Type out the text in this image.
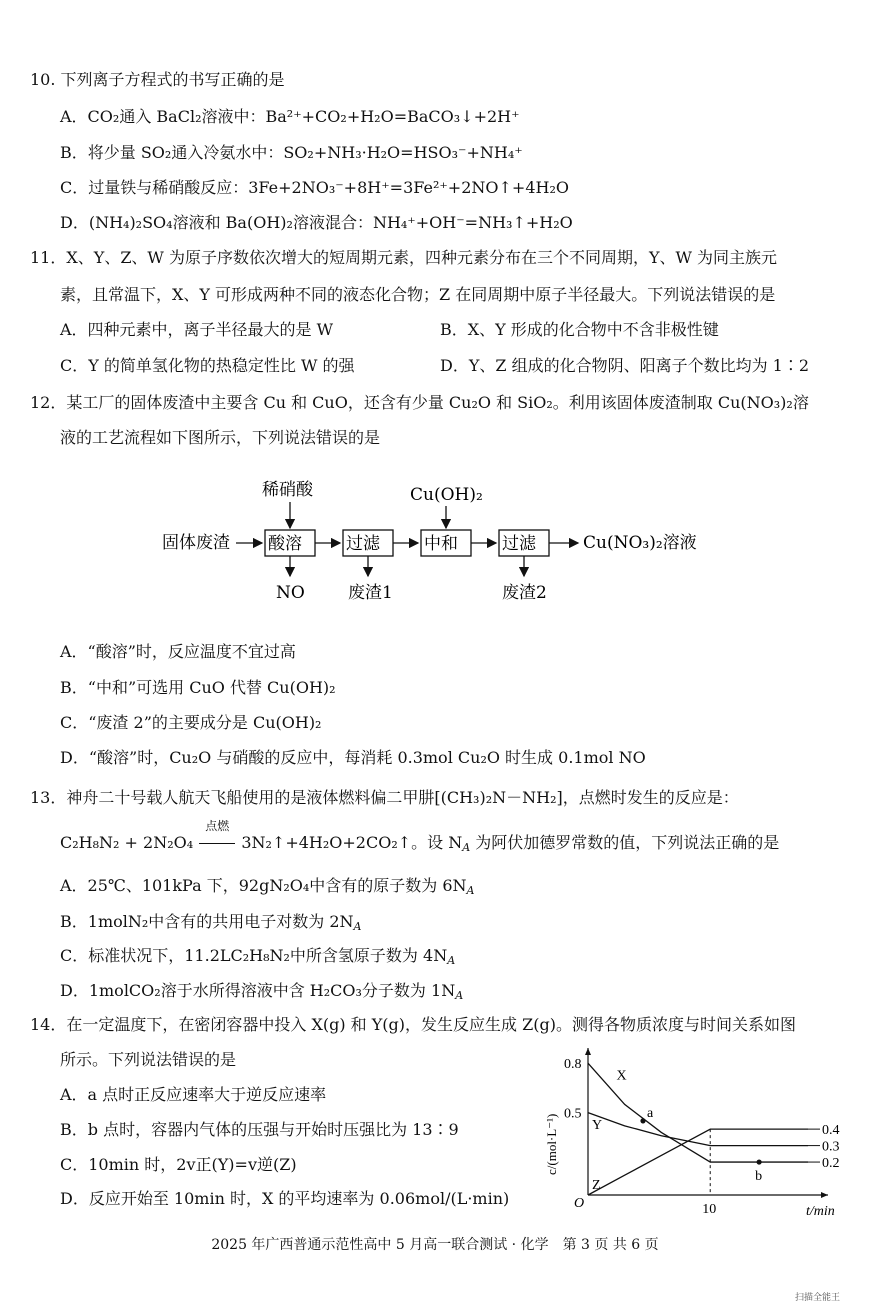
10. 下列离子方程式的书写正确的是
A．CO₂通入 BaCl₂溶液中：Ba²⁺+CO₂+H₂O=BaCO₃↓+2H⁺
B．将少量 SO₂通入冷氨水中：SO₂+NH₃·H₂O=HSO₃⁻+NH₄⁺
C．过量铁与稀硝酸反应：3Fe+2NO₃⁻+8H⁺=3Fe²⁺+2NO↑+4H₂O
D．(NH₄)₂SO₄溶液和 Ba(OH)₂溶液混合：NH₄⁺+OH⁻=NH₃↑+H₂O
11．X、Y、Z、W 为原子序数依次增大的短周期元素，四种元素分布在三个不同周期，Y、W 为同主族元
素，且常温下，X、Y 可形成两种不同的液态化合物；Z 在同周期中原子半径最大。下列说法错误的是
A．四种元素中，离子半径最大的是 W	B．X、Y 形成的化合物中不含非极性键
C．Y 的简单氢化物的热稳定性比 W 的强	D．Y、Z 组成的化合物阴、阳离子个数比均为 1∶2
12．某工厂的固体废渣中主要含 Cu 和 CuO，还含有少量 Cu₂O 和 SiO₂。利用该固体废渣制取 Cu(NO₃)₂溶
液的工艺流程如下图所示，下列说法错误的是
固体废渣 酸溶
稀硝酸
NO
过滤
废渣1
中和
Cu(OH)₂
过滤
废渣2
Cu(NO₃)₂溶液
A．“酸溶”时，反应温度不宜过高
B．“中和”可选用 CuO 代替 Cu(OH)₂
C．“废渣 2”的主要成分是 Cu(OH)₂
D．“酸溶”时，Cu₂O 与硝酸的反应中，每消耗 0.3mol Cu₂O 时生成 0.1mol NO
13．神舟二十号载人航天飞船使用的是液体燃料偏二甲肼[(CH₃)₂N－NH₂]，点燃时发生的反应是：
C₂H₈N₂ + 2N₂O₄
点燃
3N₂↑+4H₂O+2CO₂↑。设 $N_A$ 为阿伏加德罗常数的值，下列说法正确的是
A．25℃、101kPa 下，92gN₂O₄中含有的原子数为 $6N_A$
B．1molN₂中含有的共用电子对数为 $2N_A$
C．标准状况下，11.2LC₂H₈N₂中所含氢原子数为 $4N_A$
D．1molCO₂溶于水所得溶液中含 H₂CO₃分子数为 $1N_A$
14．在一定温度下，在密闭容器中投入 X(g) 和 Y(g)，发生反应生成 Z(g)。测得各物质浓度与时间关系如图
所示。下列说法错误的是
A．a 点时正反应速率大于逆反应速率
B．b 点时，容器内气体的压强与开始时压强比为 13∶9
C．10min 时，2v正(Y)=v逆(Z)
D．反应开始至 10min 时，X 的平均速率为 0.06mol/(L·min)	O
t/min
c/(mol·L⁻¹)
0.8
0.5
10
X
Y
Z
0.4
0.3
0.2
a
b
2025 年广西普通示范性高中 5 月高一联合测试 · 化学　第 3 页 共 6 页
扫描全能王
